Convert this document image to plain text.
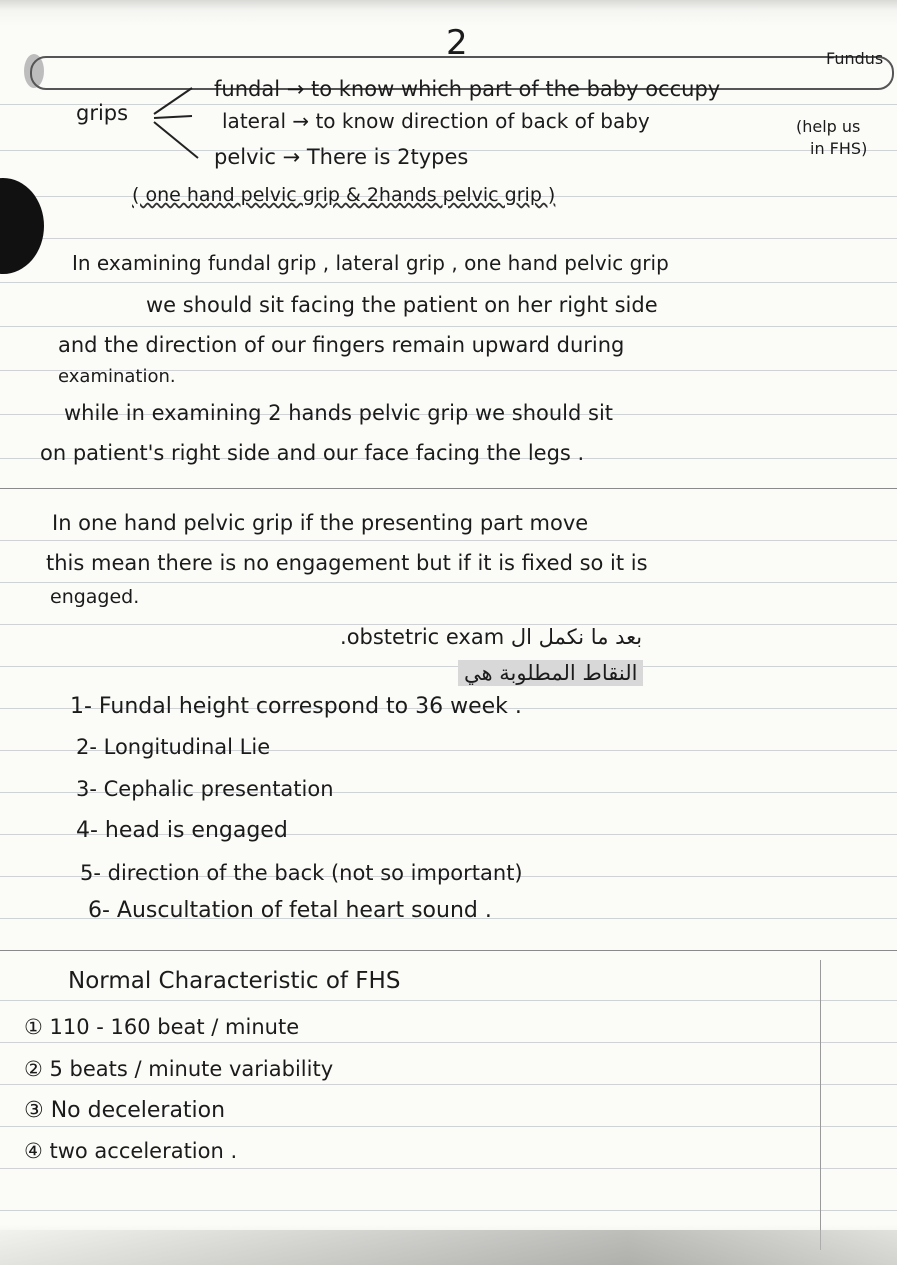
2	Fundus
grips
fundal → to know which part of the baby occupy
lateral → to know direction of back of baby	(help us
in FHS)
pelvic → There is 2types
( one hand pelvic grip & 2hands pelvic grip )
In examining fundal grip , lateral grip , one hand pelvic grip
we should sit facing the patient on her right side
and the direction of our fingers remain upward during
examination.
while in examining 2 hands pelvic grip we should sit
on patient's right side and our face facing the legs .
In one hand pelvic grip if the presenting part move
this mean there is no engagement but if it is fixed so it is
engaged.
بعد ما نكمل ال obstetric exam.
النقاط المطلوبة هي
1- Fundal height correspond to 36 week .
2- Longitudinal Lie
3- Cephalic presentation
4- head is engaged
5- direction of the back (not so important)
6- Auscultation of fetal heart sound .
Normal Characteristic of FHS
① 110 - 160 beat / minute
② 5 beats / minute variability
③ No deceleration
④ two acceleration .
